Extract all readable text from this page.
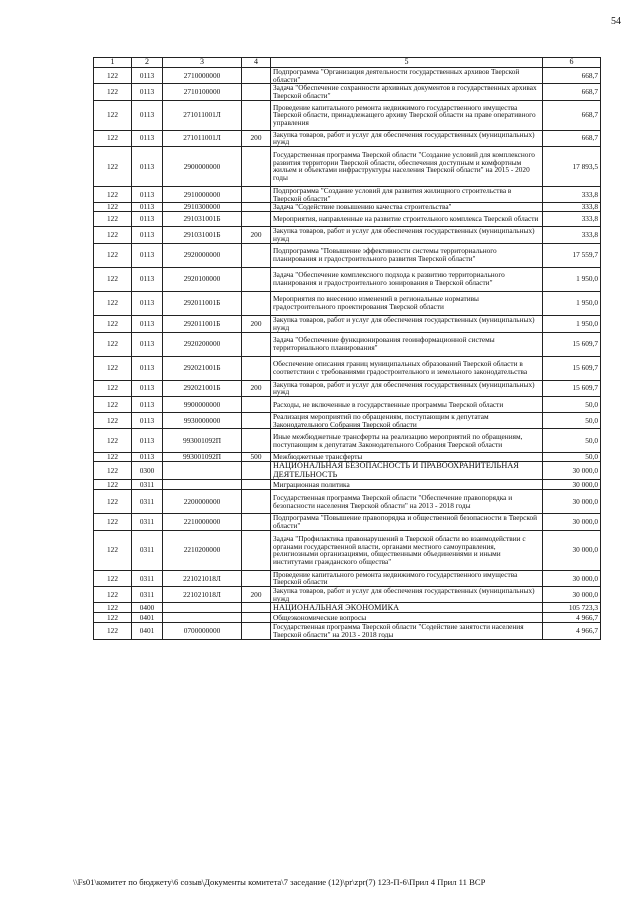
54
1	2	3	4	5	6
122	0113	2710000000		Подпрограмма "Организация деятельности государственных архивов Тверской области"	668,7
122	0113	2710100000		Задача "Обеспечение сохранности архивных документов в государственных архивах Тверской области"	668,7
122	0113	271011001Л		Проведение капитального ремонта недвижимого государственного имущества Тверской области, принадлежащего архиву Тверской области на праве оперативного управления	668,7
122	0113	271011001Л	200	Закупка товаров, работ и услуг для обеспечения государственных (муниципальных) нужд	668,7
122	0113	2900000000		Государственная программа Тверской области "Создание условий для комплексного развития территории Тверской области, обеспечения доступным и комфортным жильем и объектами инфраструктуры населения Тверской области" на 2015 - 2020 годы	17 893,5
122	0113	2910000000		Подпрограмма "Создание условий для развития жилищного строительства в Тверской области"	333,8
122	0113	2910300000		Задача "Содействие повышению качества строительства"	333,8
122	0113	291031001Б		Мероприятия, направленные на развитие строительного комплекса Тверской области	333,8
122	0113	291031001Б	200	Закупка товаров, работ и услуг для обеспечения государственных (муниципальных) нужд	333,8
122	0113	2920000000		Подпрограмма "Повышение эффективности системы территориального планирования и градостроительного развития Тверской области"	17 559,7
122	0113	2920100000		Задача "Обеспечение комплексного подхода к развитию территориального планирования и градостроительного зонирования в Тверской области"	1 950,0
122	0113	292011001Б		Мероприятия по внесению изменений в региональные нормативы градостроительного проектирования Тверской области	1 950,0
122	0113	292011001Б	200	Закупка товаров, работ и услуг для обеспечения государственных (муниципальных) нужд	1 950,0
122	0113	2920200000		Задача "Обеспечение функционирования геоинформационной системы территориального планирования"	15 609,7
122	0113	292021001Б		Обеспечение описания границ муниципальных образований Тверской области в соответствии с требованиями градостроительного и земельного законодательства	15 609,7
122	0113	292021001Б	200	Закупка товаров, работ и услуг для обеспечения государственных (муниципальных) нужд	15 609,7
122	0113	9900000000		Расходы, не включенные в государственные программы Тверской области	50,0
122	0113	9930000000		Реализация мероприятий по обращениям, поступающим к депутатам Законодательного Собрания Тверской области	50,0
122	0113	993001092П		Иные межбюджетные трансферты на реализацию мероприятий по обращениям, поступающим к депутатам Законодательного Собрания Тверской области	50,0
122	0113	993001092П	500	Межбюджетные трансферты	50,0
122	0300			НАЦИОНАЛЬНАЯ БЕЗОПАСНОСТЬ И ПРАВООХРАНИТЕЛЬНАЯ ДЕЯТЕЛЬНОСТЬ	30 000,0
122	0311			Миграционная политика	30 000,0
122	0311	2200000000		Государственная программа Тверской области "Обеспечение правопорядка и безопасности населения Тверской области" на 2013 - 2018 годы	30 000,0
122	0311	2210000000		Подпрограмма "Повышение правопорядка и общественной безопасности в Тверской области"	30 000,0
122	0311	2210200000		Задача "Профилактика правонарушений в Тверской области во взаимодействии с органами государственной власти, органами местного самоуправления, религиозными организациями, общественными объединениями и иными институтами гражданского общества"	30 000,0
122	0311	221021018Л		Проведение капитального ремонта недвижимого государственного имущества Тверской области	30 000,0
122	0311	221021018Л	200	Закупка товаров, работ и услуг для обеспечения государственных (муниципальных) нужд	30 000,0
122	0400			НАЦИОНАЛЬНАЯ ЭКОНОМИКА	105 723,3
122	0401			Общеэкономические вопросы	4 966,7
122	0401	0700000000		Государственная программа Тверской области "Содействие занятости населения Тверской области" на 2013 - 2018 годы	4 966,7
\\Fs01\комитет по бюджету\6 созыв\Документы комитета\7 заседание (12)\pr\zpr(7) 123-П-6\Прил 4 Прил 11 ВСР
